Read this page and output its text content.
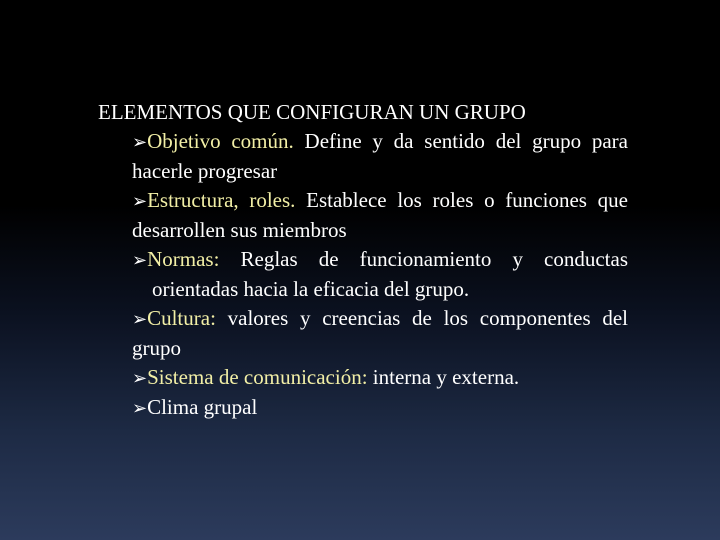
ELEMENTOS QUE CONFIGURAN UN GRUPO
➢Objetivo común. Define y da sentido del grupo para hacerle progresar
➢Estructura, roles. Establece los roles o funciones que desarrollen sus miembros
➢Normas: Reglas de funcionamiento y conductas orientadas hacia la eficacia del grupo.
➢Cultura: valores y creencias de los componentes del grupo
➢Sistema de comunicación: interna y externa.
➢Clima grupal
